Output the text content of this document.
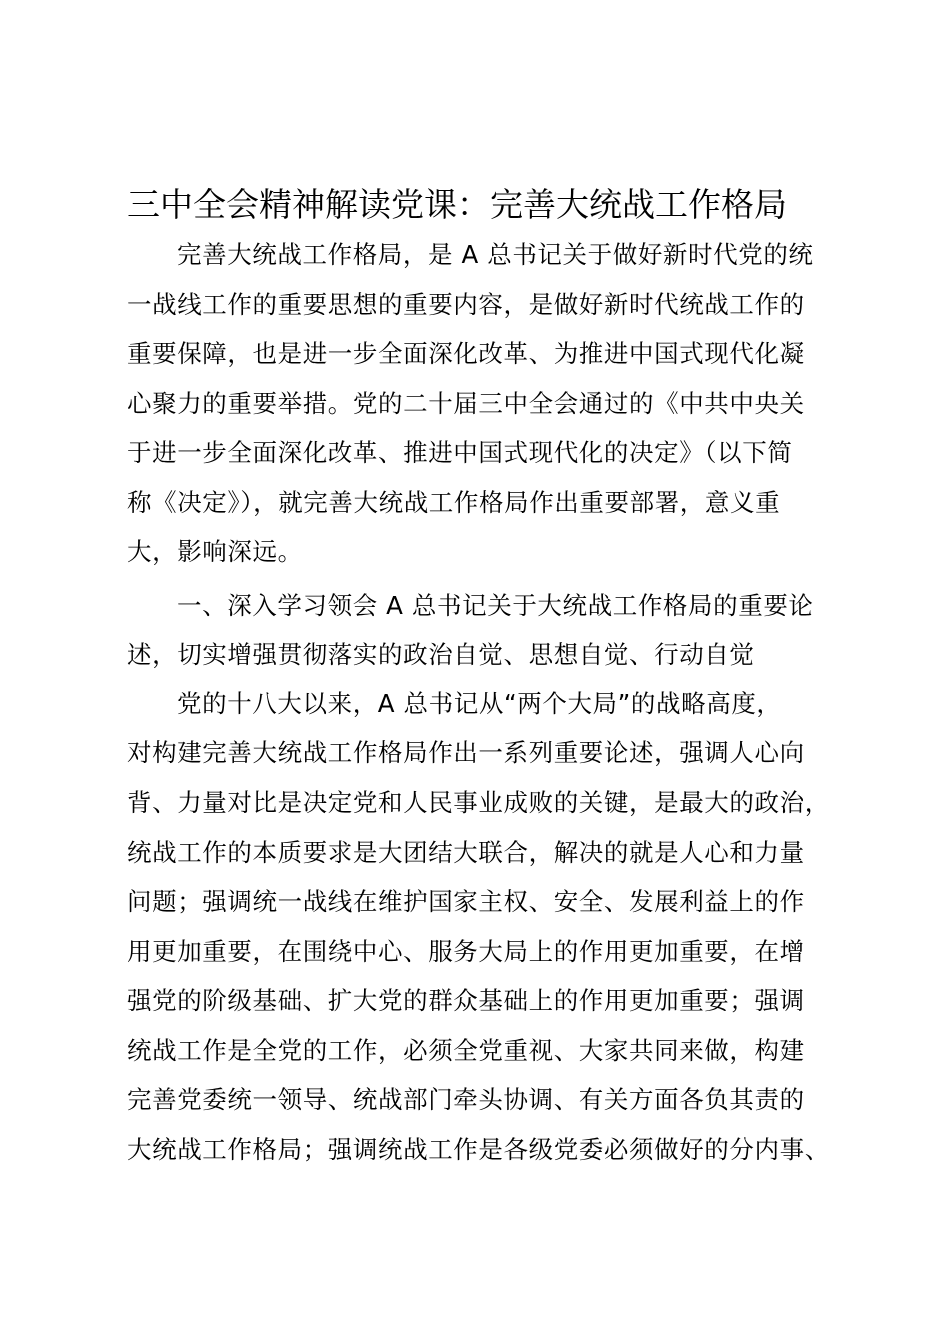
三中全会精神解读党课：完善大统战工作格局
完善大统战工作格局，是 A 总书记关于做好新时代党的统
一战线工作的重要思想的重要内容，是做好新时代统战工作的
重要保障，也是进一步全面深化改革、为推进中国式现代化凝
心聚力的重要举措。党的二十届三中全会通过的《中共中央关
于进一步全面深化改革、推进中国式现代化的决定》（以下简
称《决定》），就完善大统战工作格局作出重要部署，意义重
大，影响深远。
一、深入学习领会 A 总书记关于大统战工作格局的重要论
述，切实增强贯彻落实的政治自觉、思想自觉、行动自觉
党的十八大以来，A 总书记从“两个大局”的战略高度，
对构建完善大统战工作格局作出一系列重要论述，强调人心向
背、力量对比是决定党和人民事业成败的关键，是最大的政治，
统战工作的本质要求是大团结大联合，解决的就是人心和力量
问题；强调统一战线在维护国家主权、安全、发展利益上的作
用更加重要，在围绕中心、服务大局上的作用更加重要，在增
强党的阶级基础、扩大党的群众基础上的作用更加重要；强调
统战工作是全党的工作，必须全党重视、大家共同来做，构建
完善党委统一领导、统战部门牵头协调、有关方面各负其责的
大统战工作格局；强调统战工作是各级党委必须做好的分内事、
